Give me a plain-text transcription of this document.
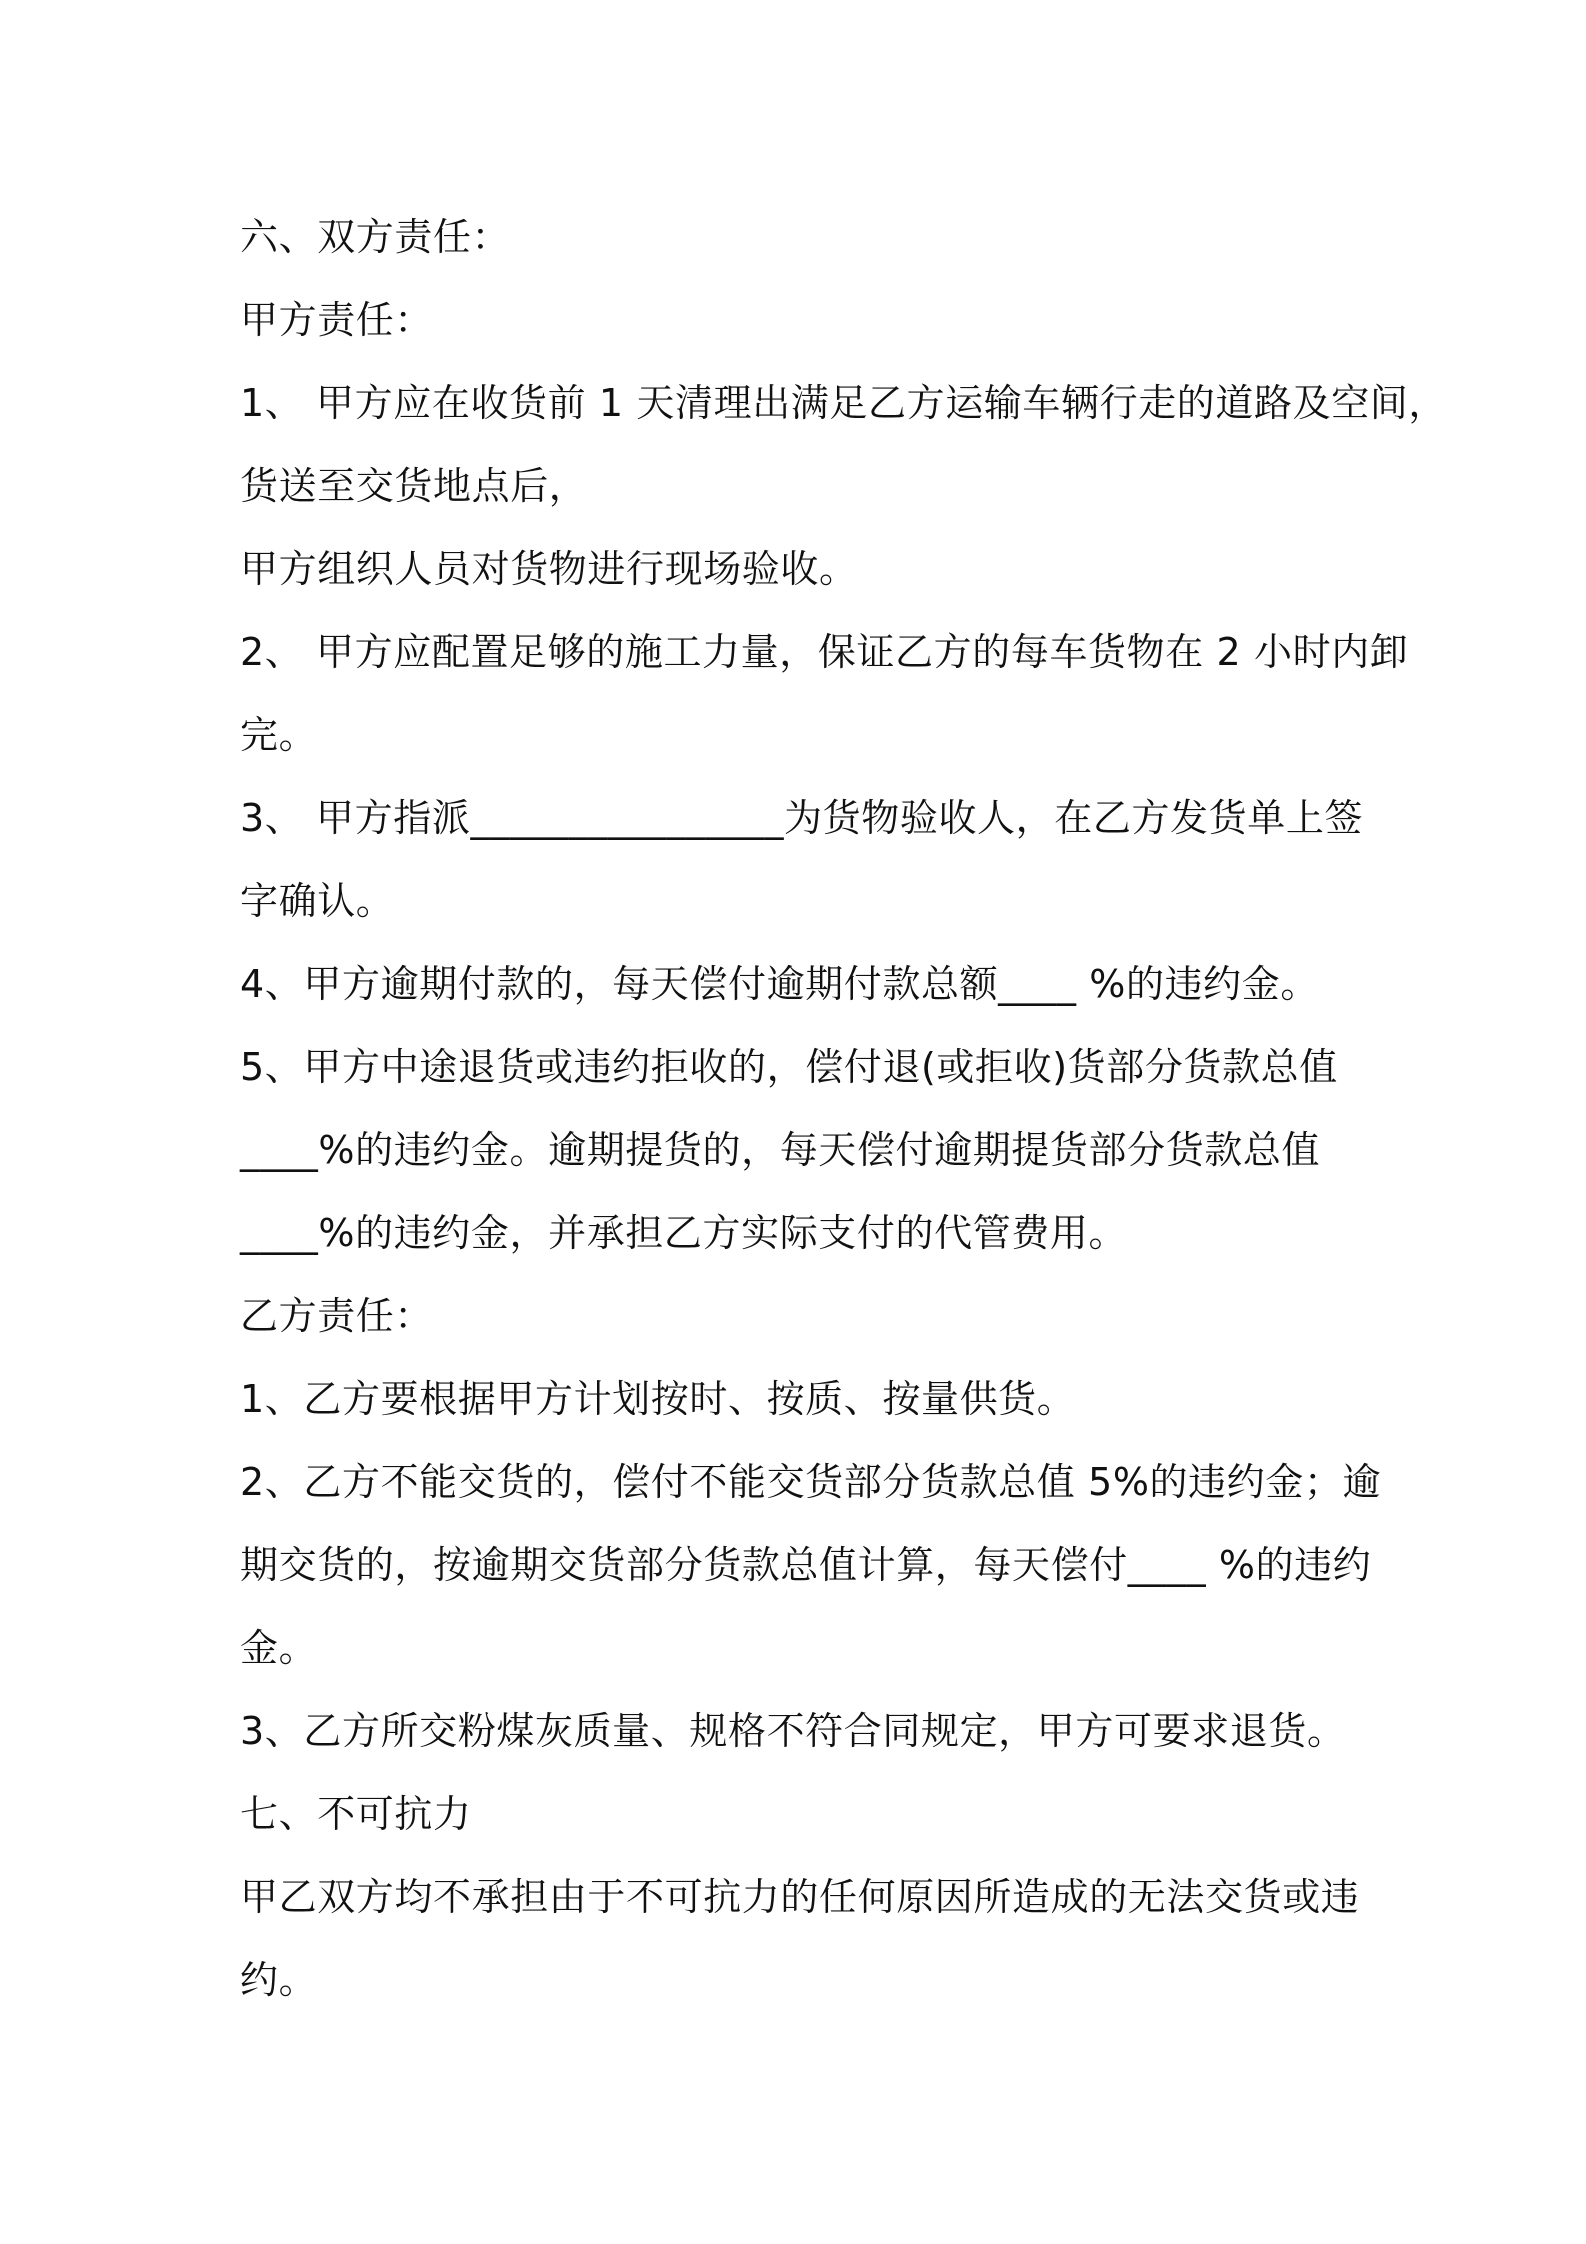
六、双方责任：
甲方责任：
1、 甲方应在收货前 1 天清理出满足乙方运输车辆行走的道路及空间，
货送至交货地点后，
甲方组织人员对货物进行现场验收。
2、 甲方应配置足够的施工力量，保证乙方的每车货物在 2 小时内卸
完。
3、 甲方指派________________为货物验收人，在乙方发货单上签
字确认。
4、甲方逾期付款的，每天偿付逾期付款总额____ %的违约金。
5、甲方中途退货或违约拒收的，偿付退(或拒收)货部分货款总值
____%的违约金。逾期提货的，每天偿付逾期提货部分货款总值
____%的违约金，并承担乙方实际支付的代管费用。
乙方责任：
1、乙方要根据甲方计划按时、按质、按量供货。
2、乙方不能交货的，偿付不能交货部分货款总值 5%的违约金；逾
期交货的，按逾期交货部分货款总值计算，每天偿付____ %的违约
金。
3、乙方所交粉煤灰质量、规格不符合同规定，甲方可要求退货。
七、不可抗力
甲乙双方均不承担由于不可抗力的任何原因所造成的无法交货或违
约。
